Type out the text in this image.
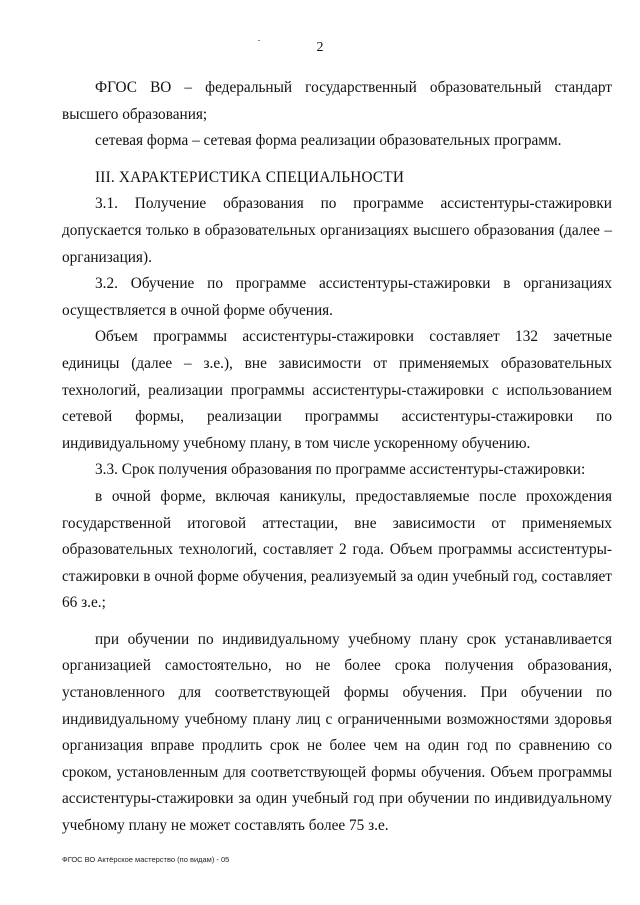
2

ФГОС ВО – федеральный государственный образовательный стандарт высшего образования;

сетевая форма – сетевая форма реализации образовательных программ.

III. ХАРАКТЕРИСТИКА СПЕЦИАЛЬНОСТИ

3.1. Получение образования по программе ассистентуры-стажировки допускается только в образовательных организациях высшего образования (далее – организация).

3.2. Обучение по программе ассистентуры-стажировки в организациях осуществляется в очной форме обучения.

Объем программы ассистентуры-стажировки составляет 132 зачетные единицы (далее – з.е.), вне зависимости от применяемых образовательных технологий, реализации программы ассистентуры-стажировки с использованием сетевой формы, реализации программы ассистентуры-стажировки по индивидуальному учебному плану, в том числе ускоренному обучению.

3.3. Срок получения образования по программе ассистентуры-стажировки:

в очной форме, включая каникулы, предоставляемые после прохождения государственной итоговой аттестации, вне зависимости от применяемых образовательных технологий, составляет 2 года. Объем программы ассистентуры-стажировки в очной форме обучения, реализуемый за один учебный год, составляет 66 з.е.;

при обучении по индивидуальному учебному плану срок устанавливается организацией самостоятельно, но не более срока получения образования, установленного для соответствующей формы обучения. При обучении по индивидуальному учебному плану лиц с ограниченными возможностями здоровья организация вправе продлить срок не более чем на один год по сравнению со сроком, установленным для соответствующей формы обучения. Объем программы ассистентуры-стажировки за один учебный год при обучении по индивидуальному учебному плану не может составлять более 75 з.е.

ФГОС ВО Актёрское мастерство (по видам) - 05
